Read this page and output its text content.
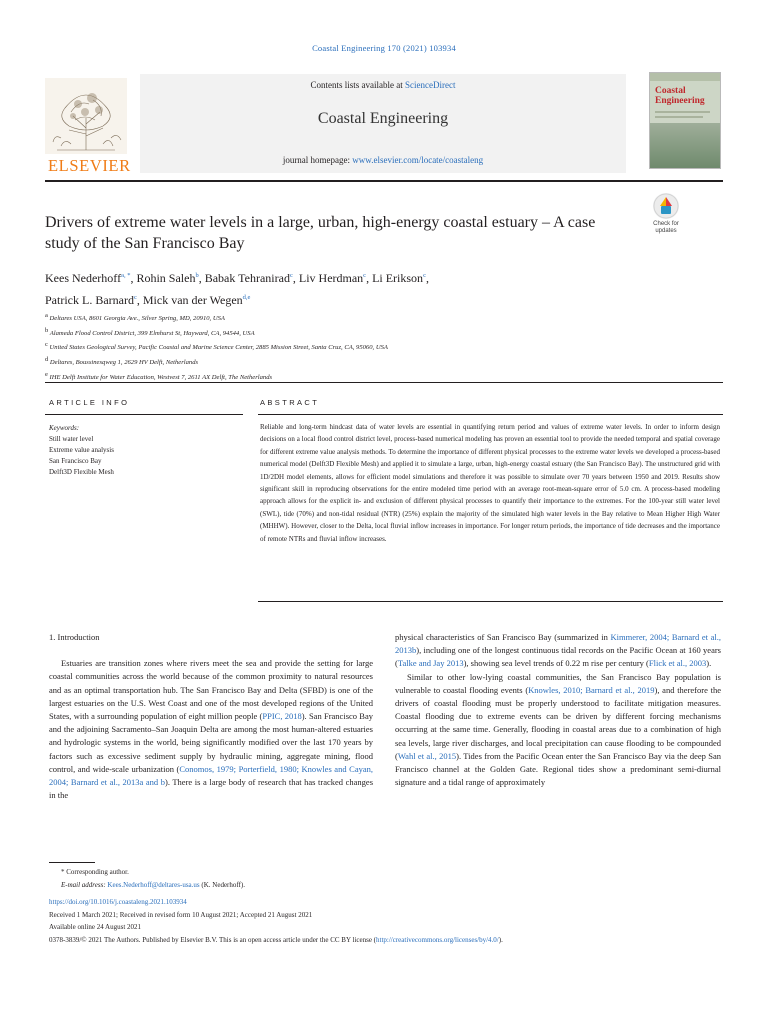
Coastal Engineering 170 (2021) 103934
ELSEVIER
Contents lists available at ScienceDirect
Coastal Engineering
journal homepage: www.elsevier.com/locate/coastaleng
Coastal
Engineering
Drivers of extreme water levels in a large, urban, high-energy coastal estuary – A case study of the San Francisco Bay
Check for updates
Kees Nederhoff$^{a, *}$, Rohin Saleh$^b$, Babak Tehranirad$^c$, Liv Herdman$^c$, Li Erikson$^c$,
Patrick L. Barnard$^c$, Mick van der Wegen$^{d,e}$
$^a$ Deltares USA, 8601 Georgia Ave., Silver Spring, MD, 20910, USA
$^b$ Alameda Flood Control District, 399 Elmhurst St, Hayward, CA, 94544, USA
$^c$ United States Geological Survey, Pacific Coastal and Marine Science Center, 2885 Mission Street, Santa Cruz, CA, 95060, USA
$^d$ Deltares, Boussinesqweg 1, 2629 HV Delft, Netherlands
$^e$ IHE Delft Institute for Water Education, Westvest 7, 2611 AX Delft, The Netherlands
ARTICLE INFO	ABSTRACT
Keywords:
Still water level
Extreme value analysis
San Francisco Bay
Delft3D Flexible Mesh
Reliable and long-term hindcast data of water levels are essential in quantifying return period and values of extreme water levels. In order to inform design decisions on a local flood control district level, process-based numerical modeling has proven an essential tool to provide the needed temporal and spatial coverage for different extreme value analysis methods. To determine the importance of different physical processes to the extreme water levels we developed a process-based numerical model (Delft3D Flexible Mesh) and applied it to simulate a large, urban, high-energy coastal estuary (the San Francisco Bay). The unstructured grid with 1D/2DH model elements, allows for efficient model simulations and therefore it was possible to simulate over 70 years between 1950 and 2019. Results show significant skill in reproducing observations for the entire modeled time period with an average root-mean-square error of 5.0 cm. A process-based modeling approach allows for the explicit in- and exclusion of different physical processes to quantify their importance to the extremes. For the 100-year still water level (SWL), tide (70%) and non-tidal residual (NTR) (25%) explain the majority of the simulated high water levels in the Bay relative to Mean Higher High Water (MHHW). However, closer to the Delta, local fluvial inflow increases in importance. For longer return periods, the importance of tide decreases and the importance of remote NTRs and fluvial inflow increases.
1. Introduction

Estuaries are transition zones where rivers meet the sea and provide the setting for large coastal communities across the world because of the common proximity to natural resources and as an optimal transportation hub. The San Francisco Bay and Delta (SFBD) is one of the largest estuaries on the U.S. West Coast and one of the most developed regions of the United States, with a surrounding population of eight million people (PPIC, 2018). San Francisco Bay and the adjoining Sacramento–San Joaquin Delta are among the most human-altered estuaries and hydrologic systems in the world, being significantly modified over the last 170 years by factors such as excessive sediment supply by hydraulic mining, aggregate mining, flood control, and wide-scale urbanization (Conomos, 1979; Porterfield, 1980; Knowles and Cayan, 2004; Barnard et al., 2013a and b). There is a large body of research that has tracked changes in the

physical characteristics of San Francisco Bay (summarized in Kimmerer, 2004; Barnard et al., 2013b), including one of the longest continuous tidal records on the Pacific Ocean at 160 years (Talke and Jay 2013), showing sea level trends of 0.22 m rise per century (Flick et al., 2003).

Similar to other low-lying coastal communities, the San Francisco Bay population is vulnerable to coastal flooding events (Knowles, 2010; Barnard et al., 2019), and therefore the drivers of coastal flooding must be properly understood to facilitate mitigation measures. Coastal flooding due to extreme events can be driven by different forcing mechanisms occurring at the same time. Generally, flooding in coastal areas due to a combination of high sea levels, large river discharges, and local precipitation can cause flooding to be compounded (Wahl et al., 2015). Tides from the Pacific Ocean enter the San Francisco Bay via the deep San Francisco channel at the Golden Gate. Regional tides show a predominant semi-diurnal signature and a tidal range of approximately

* Corresponding author.
E-mail address: Kees.Nederhoff@deltares-usa.us (K. Nederhoff).
https://doi.org/10.1016/j.coastaleng.2021.103934
Received 1 March 2021; Received in revised form 10 August 2021; Accepted 21 August 2021
Available online 24 August 2021
0378-3839/© 2021 The Authors. Published by Elsevier B.V. This is an open access article under the CC BY license (http://creativecommons.org/licenses/by/4.0/).
